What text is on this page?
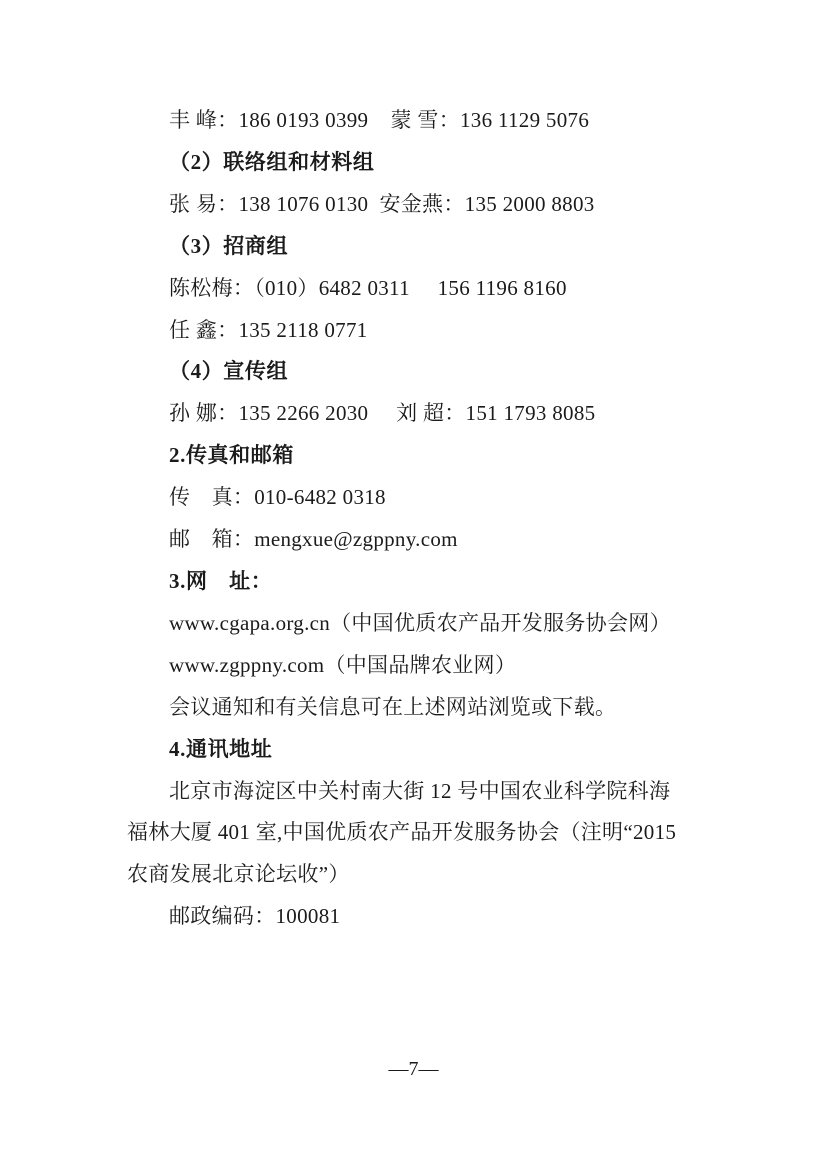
丰 峰：186 0193 0399    蒙 雪：136 1129 5076

（2）联络组和材料组

张 易：138 1076 0130  安金燕：135 2000 8803

（3）招商组

陈松梅：（010）6482 0311     156 1196 8160

任 鑫：135 2118 0771

（4）宣传组

孙 娜：135 2266 2030     刘 超：151 1793 8085

2.传真和邮箱

传　真：010-6482 0318

邮　箱：mengxue@zgppny.com

3.网　址：

www.cgapa.org.cn（中国优质农产品开发服务协会网）

www.zgppny.com（中国品牌农业网）

会议通知和有关信息可在上述网站浏览或下载。

4.通讯地址

北京市海淀区中关村南大街 12 号中国农业科学院科海

福林大厦 401 室,中国优质农产品开发服务协会（注明“2015

农商发展北京论坛收”）

邮政编码：100081

—7—
